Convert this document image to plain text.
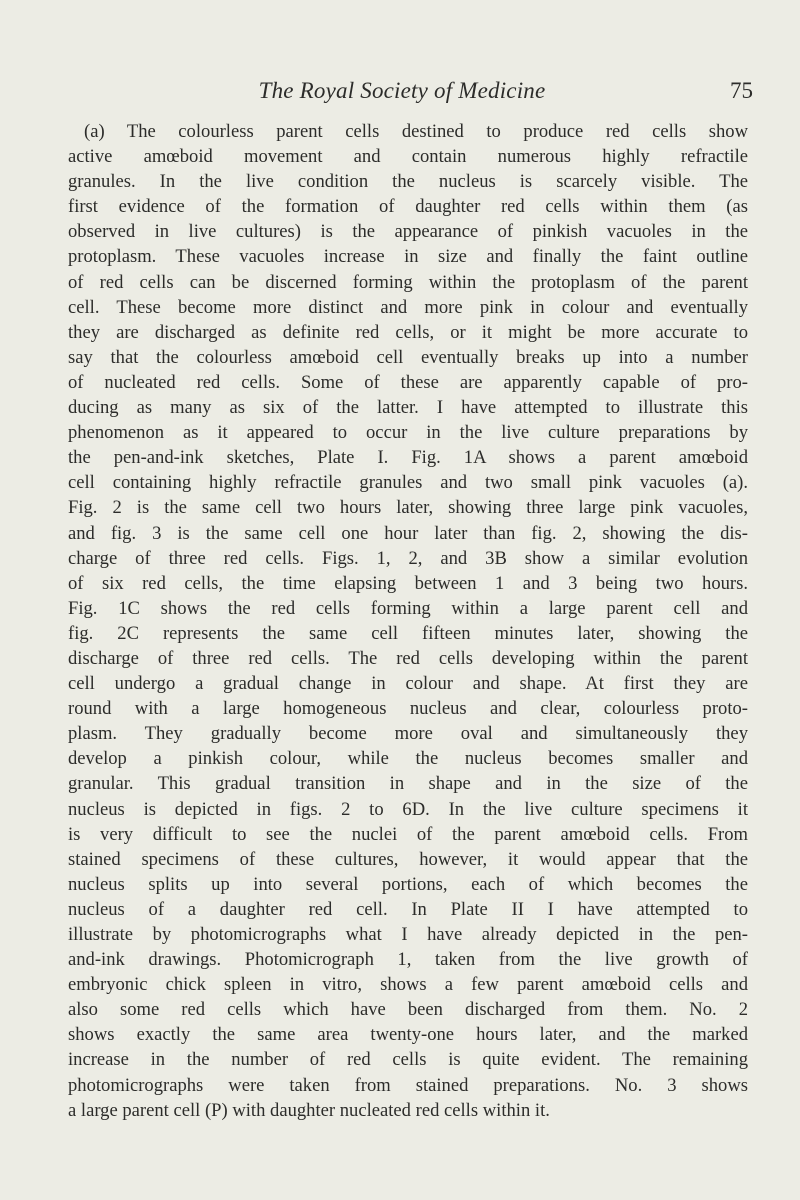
The Royal Society of Medicine	75
(a) The colourless parent cells destined to produce red cells show
active amœboid movement and contain numerous highly refractile
granules. In the live condition the nucleus is scarcely visible. The
first evidence of the formation of daughter red cells within them (as
observed in live cultures) is the appearance of pinkish vacuoles in the
protoplasm. These vacuoles increase in size and finally the faint outline
of red cells can be discerned forming within the protoplasm of the parent
cell. These become more distinct and more pink in colour and eventually
they are discharged as definite red cells, or it might be more accurate to
say that the colourless amœboid cell eventually breaks up into a number
of nucleated red cells. Some of these are apparently capable of pro-
ducing as many as six of the latter. I have attempted to illustrate this
phenomenon as it appeared to occur in the live culture preparations by
the pen-and-ink sketches, Plate I. Fig. 1A shows a parent amœboid
cell containing highly refractile granules and two small pink vacuoles (a).
Fig. 2 is the same cell two hours later, showing three large pink vacuoles,
and fig. 3 is the same cell one hour later than fig. 2, showing the dis-
charge of three red cells. Figs. 1, 2, and 3B show a similar evolution
of six red cells, the time elapsing between 1 and 3 being two hours.
Fig. 1C shows the red cells forming within a large parent cell and
fig. 2C represents the same cell fifteen minutes later, showing the
discharge of three red cells. The red cells developing within the parent
cell undergo a gradual change in colour and shape. At first they are
round with a large homogeneous nucleus and clear, colourless proto-
plasm. They gradually become more oval and simultaneously they
develop a pinkish colour, while the nucleus becomes smaller and
granular. This gradual transition in shape and in the size of the
nucleus is depicted in figs. 2 to 6D. In the live culture specimens it
is very difficult to see the nuclei of the parent amœboid cells. From
stained specimens of these cultures, however, it would appear that the
nucleus splits up into several portions, each of which becomes the
nucleus of a daughter red cell. In Plate II I have attempted to
illustrate by photomicrographs what I have already depicted in the pen-
and-ink drawings. Photomicrograph 1, taken from the live growth of
embryonic chick spleen in vitro, shows a few parent amœboid cells and
also some red cells which have been discharged from them. No. 2
shows exactly the same area twenty-one hours later, and the marked
increase in the number of red cells is quite evident. The remaining
photomicrographs were taken from stained preparations. No. 3 shows
a large parent cell (P) with daughter nucleated red cells within it.
